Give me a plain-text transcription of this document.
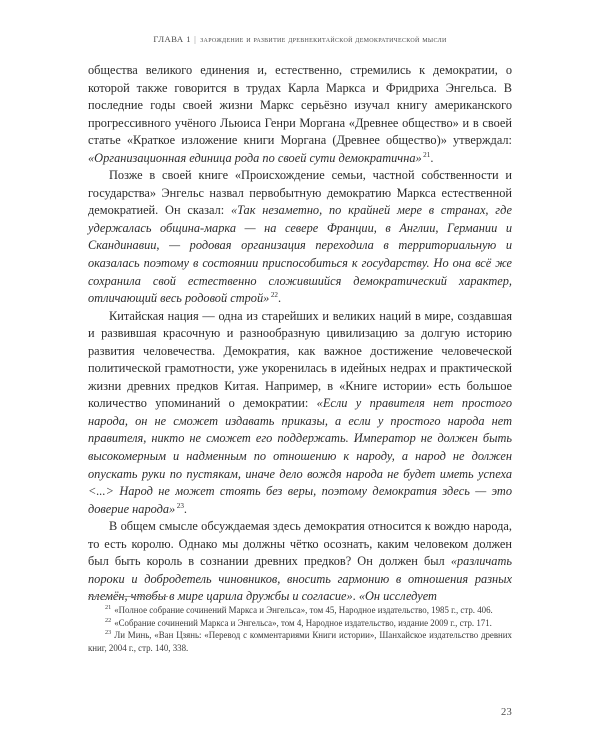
ГЛАВА 1 | зарождение и развитие древнекитайской демократической мысли

общества великого единения и, естественно, стремились к демократии, о которой также говорится в трудах Карла Маркса и Фридриха Энгельса. В последние годы своей жизни Маркс серьёзно изучал книгу американского прогрессивного учёного Льюиса Генри Моргана «Древнее общество» и в своей статье «Краткое изложение книги Моргана (Древнее общество)» утверждал: «Организационная единица рода по своей сути демократична» $^{21}$.

Позже в своей книге «Происхождение семьи, частной собственности и государства» Энгельс назвал первобытную демократию Маркса естественной демократией. Он сказал: «Так незаметно, по крайней мере в странах, где удержалась община-марка — на севере Франции, в Англии, Германии и Скандинавии, — родовая организация переходила в территориальную и оказалась поэтому в состоянии приспособиться к государству. Но она всё же сохранила свой естественно сложившийся демократический характер, отличающий весь родовой строй» $^{22}$.

Китайская нация — одна из старейших и великих наций в мире, создавшая и развившая красочную и разнообразную цивилизацию за долгую историю развития человечества. Демократия, как важное достижение человеческой политической грамотности, уже укоренилась в идейных недрах и практической жизни древних предков Китая. Например, в «Книге истории» есть большое количество упоминаний о демократии: «Если у правителя нет простого народа, он не сможет издавать приказы, а если у простого народа нет правителя, никто не сможет его поддержать. Император не должен быть высокомерным и надменным по отношению к народу, а народ не должен опускать руки по пустякам, иначе дело вождя народа не будет иметь успеха <...> Народ не может стоять без веры, поэтому демократия здесь — это доверие народа» $^{23}$.

В общем смысле обсуждаемая здесь демократия относится к вождю народа, то есть королю. Однако мы должны чётко осознать, каким человеком должен был быть король в сознании древних предков? Он должен был «различать пороки и добродетель чиновников, вносить гармонию в отношения разных племён, чтобы в мире царила дружбы и согласие». «Он исследует

$^{21}$ «Полное собрание сочинений Маркса и Энгельса», том 45, Народное издательство, 1985 г., стр. 406.

$^{22}$ «Собрание сочинений Маркса и Энгельса», том 4, Народное издательство, издание 2009 г., стр. 171.

$^{23}$ Ли Минь, «Ван Цзянь: «Перевод с комментариями Книги истории», Шанхайское издательство древних книг, 2004 г., стр. 140, 338.

23
